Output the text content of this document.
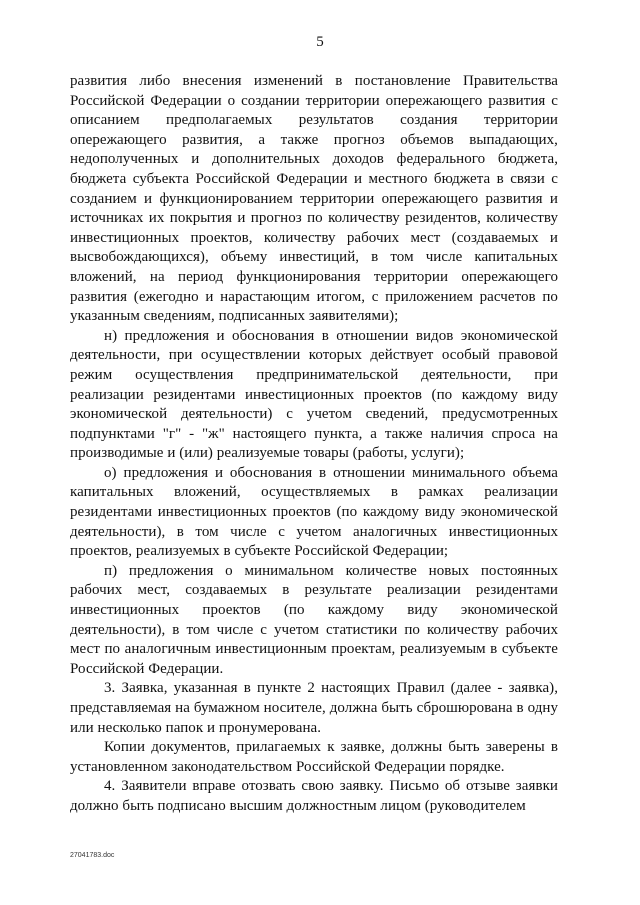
5

развития либо внесения изменений в постановление Правительства Российской Федерации о создании территории опережающего развития с описанием предполагаемых результатов создания территории опережающего развития, а также прогноз объемов выпадающих, недополученных и дополнительных доходов федерального бюджета, бюджета субъекта Российской Федерации и местного бюджета в связи с созданием и функционированием территории опережающего развития и источниках их покрытия и прогноз по количеству резидентов, количеству инвестиционных проектов, количеству рабочих мест (создаваемых и высвобождающихся), объему инвестиций, в том числе капитальных вложений, на период функционирования территории опережающего развития (ежегодно и нарастающим итогом, с приложением расчетов по указанным сведениям, подписанных заявителями);

н) предложения и обоснования в отношении видов экономической деятельности, при осуществлении которых действует особый правовой режим осуществления предпринимательской деятельности, при реализации резидентами инвестиционных проектов (по каждому виду экономической деятельности) с учетом сведений, предусмотренных подпунктами "г" - "ж" настоящего пункта, а также наличия спроса на производимые и (или) реализуемые товары (работы, услуги);

о) предложения и обоснования в отношении минимального объема капитальных вложений, осуществляемых в рамках реализации резидентами инвестиционных проектов (по каждому виду экономической деятельности), в том числе с учетом аналогичных инвестиционных проектов, реализуемых в субъекте Российской Федерации;

п) предложения о минимальном количестве новых постоянных рабочих мест, создаваемых в результате реализации резидентами инвестиционных проектов (по каждому виду экономической деятельности), в том числе с учетом статистики по количеству рабочих мест по аналогичным инвестиционным проектам, реализуемым в субъекте Российской Федерации.

3. Заявка, указанная в пункте 2 настоящих Правил (далее - заявка), представляемая на бумажном носителе, должна быть сброшюрована в одну или несколько папок и пронумерована.

Копии документов, прилагаемых к заявке, должны быть заверены в установленном законодательством Российской Федерации порядке.

4. Заявители вправе отозвать свою заявку. Письмо об отзыве заявки должно быть подписано высшим должностным лицом (руководителем

27041783.doc
